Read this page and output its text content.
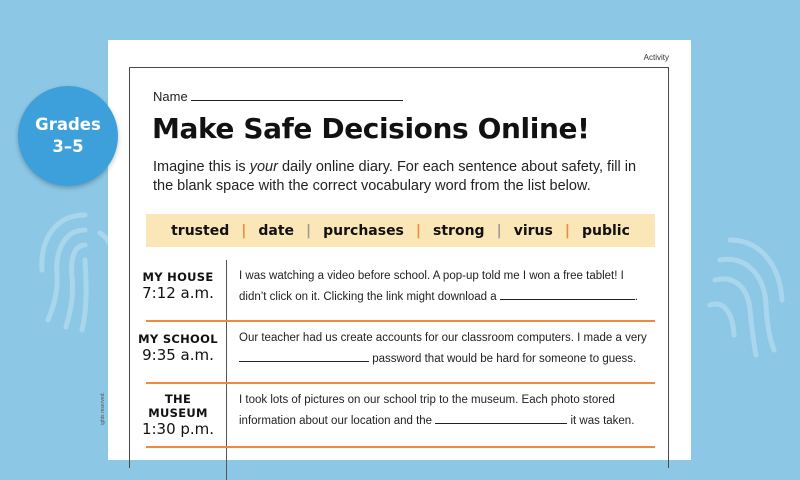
Activity
ights reserved.
Name
Make Safe Decisions Online!

Imagine this is your daily online diary. For each sentence about safety, fill in the blank space with the correct vocabulary word from the list below.

trusted | date | purchases | strong | virus | public
MY HOUSE
7:12 a.m.

I was watching a video before school. A pop-up told me I won a free tablet! I didn’t click on it. Clicking the link might download a	.

MY SCHOOL
9:35 a.m.

Our teacher had us create accounts for our classroom computers. I made a very  password that would be hard for someone to guess.

THE
MUSEUM
1:30 p.m.

I took lots of pictures on our school trip to the museum. Each photo stored information about our location and the	it was taken.

Grades
3–5
